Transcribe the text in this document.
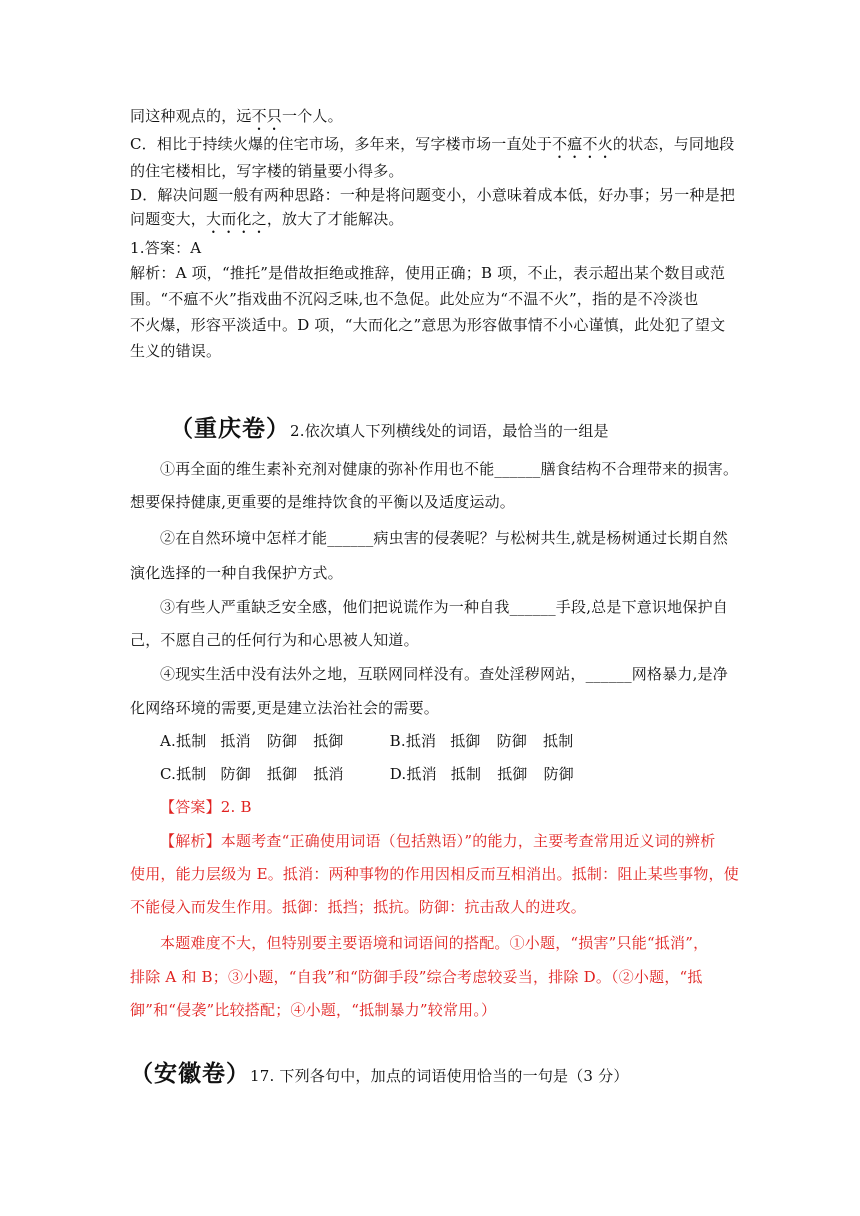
同这种观点的，远不只一个人。
C．相比于持续火爆的住宅市场，多年来，写字楼市场一直处于不瘟不火的状态，与同地段
的住宅楼相比，写字楼的销量要小得多。
D．解决问题一般有两种思路：一种是将问题变小，小意味着成本低，好办事；另一种是把
问题变大，大而化之，放大了才能解决。
1.答案：A
解析：A 项，“推托”是借故拒绝或推辞，使用正确；B 项，不止，表示超出某个数目或范
围。“不瘟不火”指戏曲不沉闷乏味,也不急促。此处应为“不温不火”，指的是不冷淡也
不火爆，形容平淡适中。D 项，“大而化之”意思为形容做事情不小心谨慎，此处犯了望文
生义的错误。
（重庆卷）2.依次填人下列横线处的词语，最恰当的一组是
①再全面的维生素补充剂对健康的弥补作用也不能______膳食结构不合理带来的损害。
想要保持健康,更重要的是维持饮食的平衡以及适度运动。
②在自然环境中怎样才能______病虫害的侵袭呢？与松树共生,就是杨树通过长期自然
演化选择的一种自我保护方式。
③有些人严重缺乏安全感，他们把说谎作为一种自我______手段,总是下意识地保护自
己，不愿自己的任何行为和心思被人知道。
④现实生活中没有法外之地，互联网同样没有。查处淫秽网站，______网格暴力,是净
化网络环境的需要,更是建立法治社会的需要。
A.抵制 抵消 防御 抵御	B.抵消 抵御 防御 抵制
C.抵制 防御 抵御 抵消	D.抵消 抵制 抵御 防御
【答案】2. B
【解析】本题考查“正确使用词语（包括熟语）”的能力，主要考查常用近义词的辨析
使用，能力层级为 E。抵消：两种事物的作用因相反而互相消出。抵制：阻止某些事物，使
不能侵入而发生作用。抵御：抵挡；抵抗。防御：抗击敌人的进攻。
本题难度不大，但特别要主要语境和词语间的搭配。①小题，“损害”只能“抵消”，
排除 A 和 B；③小题，“自我”和“防御手段”综合考虑较妥当，排除 D。（②小题，“抵
御”和“侵袭”比较搭配；④小题，“抵制暴力”较常用。）
（安徽卷）17. 下列各句中，加点的词语使用恰当的一句是（3 分）
